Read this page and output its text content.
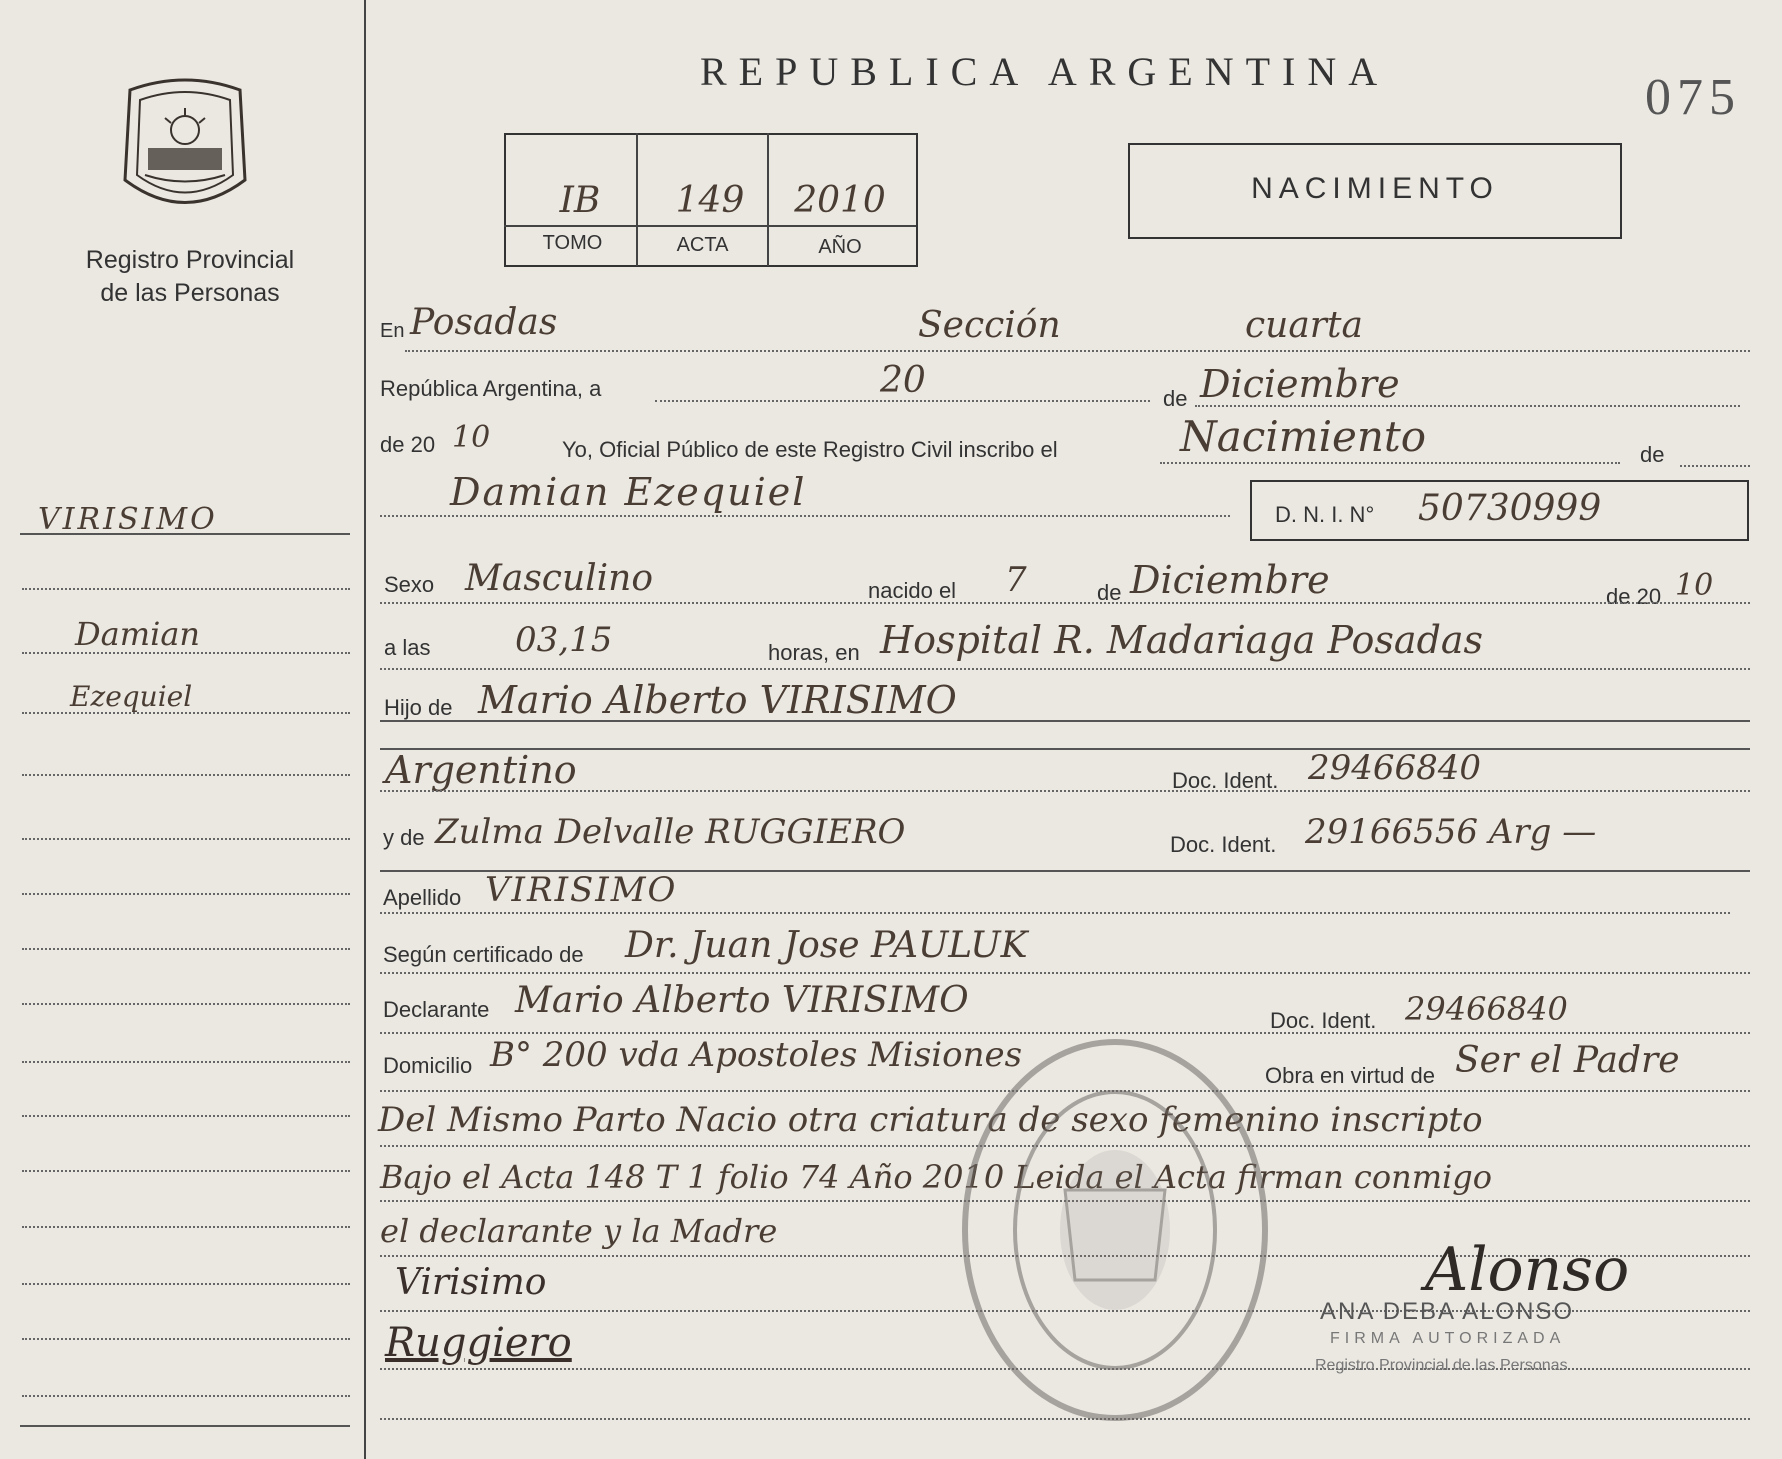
Registro Provincial
de las Personas
VIRISIMO
Damian
Ezequiel
REPUBLICA ARGENTINA	075
IB	149	2010
TOMO	ACTA	AÑO
NACIMIENTO
En Posadas	Sección	cuarta
República Argentina, a	20	de Diciembre
de 20 10	Yo, Oficial Público de este Registro Civil inscribo el	Nacimiento	de
Damian Ezequiel
D. N. I. N° 50730999
Sexo Masculino	nacido el 7	de Diciembre	de 20 10
a las 03,15	horas, en Hospital R. Madariaga Posadas
Hijo de Mario Alberto VIRISIMO
Argentino	Doc. Ident. 29466840
y de Zulma Delvalle RUGGIERO	Doc. Ident. 29166556 Arg —
Apellido VIRISIMO
Según certificado de Dr. Juan Jose PAULUK
Declarante Mario Alberto VIRISIMO	Doc. Ident. 29466840
Domicilio B° 200 vda Apostoles Misiones
Obra en virtud de Ser el Padre
Del Mismo Parto Nacio otra criatura de sexo femenino inscripto
Bajo el Acta 148 T 1 folio 74 Año 2010 Leida el Acta firman conmigo
el declarante y la Madre
Virisimo
Ruggiero
Alonso
ANA DEBA ALONSO
FIRMA AUTORIZADA
Registro Provincial de las Personas
